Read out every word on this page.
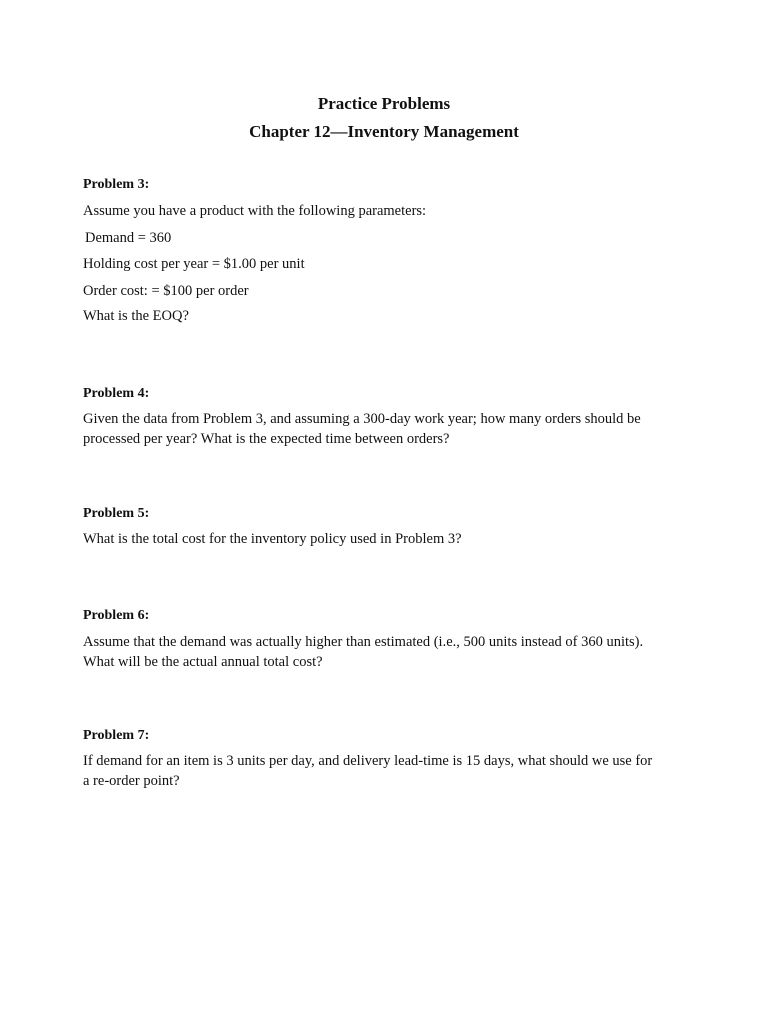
Practice Problems
Chapter 12—Inventory Management
Problem 3:
Assume you have a product with the following parameters:
Demand = 360
Holding cost per year = $1.00 per unit
Order cost: = $100 per order
What is the EOQ?
Problem 4:
Given the data from Problem 3, and assuming a 300-day work year; how many orders should be
processed per year? What is the expected time between orders?
Problem 5:
What is the total cost for the inventory policy used in Problem 3?
Problem 6:
Assume that the demand was actually higher than estimated (i.e., 500 units instead of 360 units).
What will be the actual annual total cost?
Problem 7:
If demand for an item is 3 units per day, and delivery lead-time is 15 days, what should we use for
a re-order point?
